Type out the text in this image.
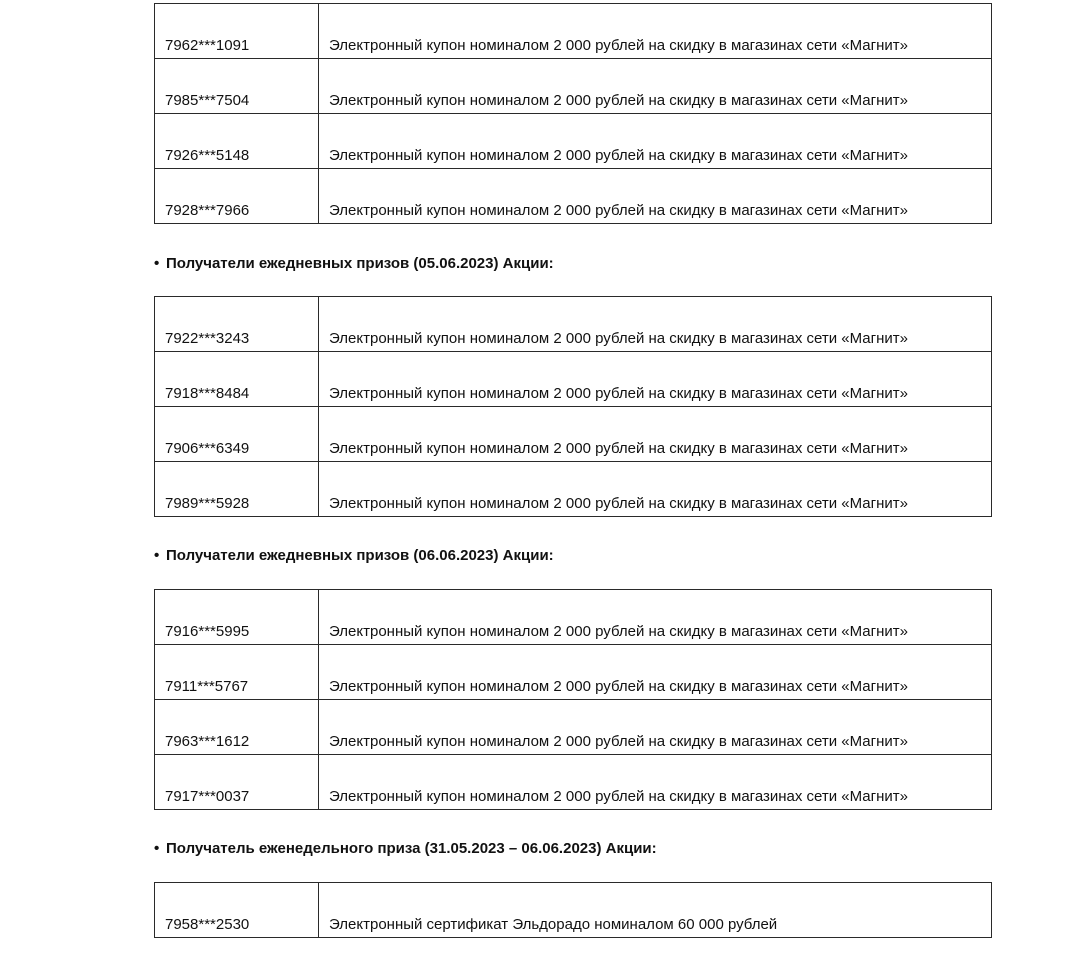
7962***1091	Электронный купон номиналом 2 000 рублей на скидку в магазинах сети «Магнит»
7985***7504	Электронный купон номиналом 2 000 рублей на скидку в магазинах сети «Магнит»
7926***5148	Электронный купон номиналом 2 000 рублей на скидку в магазинах сети «Магнит»
7928***7966	Электронный купон номиналом 2 000 рублей на скидку в магазинах сети «Магнит»
• Получатели ежедневных призов (05.06.2023) Акции:
7922***3243	Электронный купон номиналом 2 000 рублей на скидку в магазинах сети «Магнит»
7918***8484	Электронный купон номиналом 2 000 рублей на скидку в магазинах сети «Магнит»
7906***6349	Электронный купон номиналом 2 000 рублей на скидку в магазинах сети «Магнит»
7989***5928	Электронный купон номиналом 2 000 рублей на скидку в магазинах сети «Магнит»
• Получатели ежедневных призов (06.06.2023) Акции:
7916***5995	Электронный купон номиналом 2 000 рублей на скидку в магазинах сети «Магнит»
7911***5767	Электронный купон номиналом 2 000 рублей на скидку в магазинах сети «Магнит»
7963***1612	Электронный купон номиналом 2 000 рублей на скидку в магазинах сети «Магнит»
7917***0037	Электронный купон номиналом 2 000 рублей на скидку в магазинах сети «Магнит»
• Получатель еженедельного приза (31.05.2023 – 06.06.2023) Акции:
7958***2530	Электронный сертификат Эльдорадо номиналом 60 000 рублей
